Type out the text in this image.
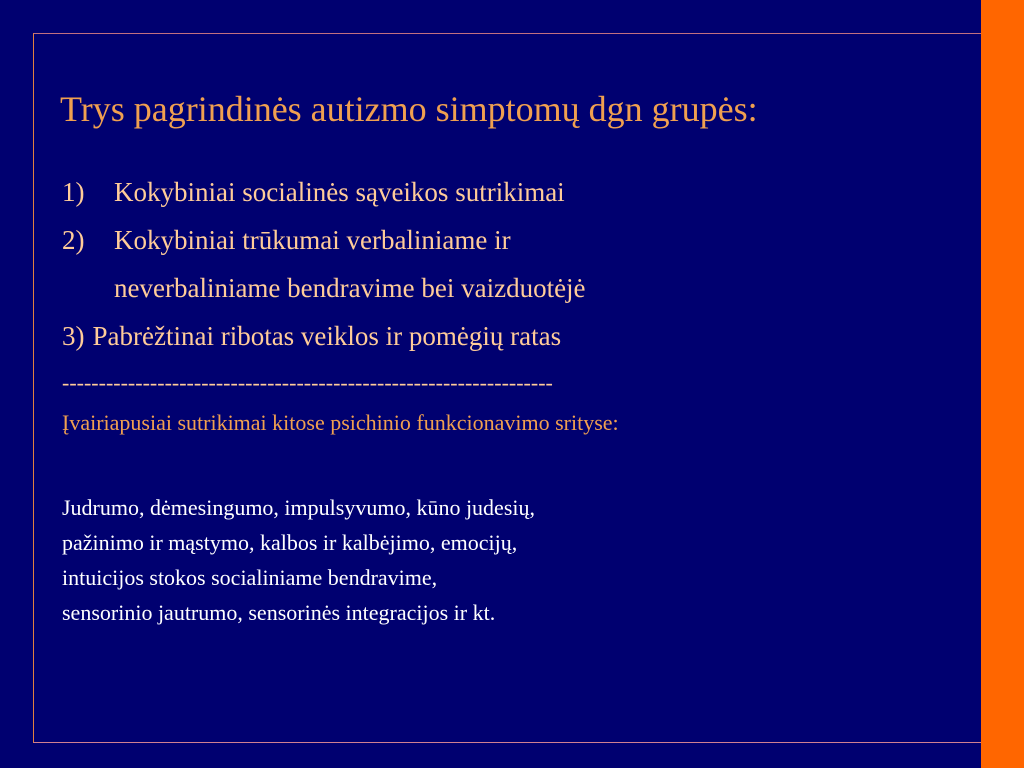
Trys pagrindinės autizmo simptomų dgn grupės:
1)	Kokybiniai socialinės sąveikos sutrikimai
2)	Kokybiniai trūkumai verbaliniame ir
neverbaliniame bendravime bei vaizduotėjė
3) Pabrėžtinai ribotas veiklos ir pomėgių ratas
-------------------------------------------------------------------
Įvairiapusiai sutrikimai kitose psichinio funkcionavimo srityse:
Judrumo, dėmesingumo, impulsyvumo, kūno judesių,
pažinimo ir mąstymo, kalbos ir kalbėjimo, emocijų,
intuicijos stokos socialiniame bendravime,
sensorinio jautrumo, sensorinės integracijos ir kt.
